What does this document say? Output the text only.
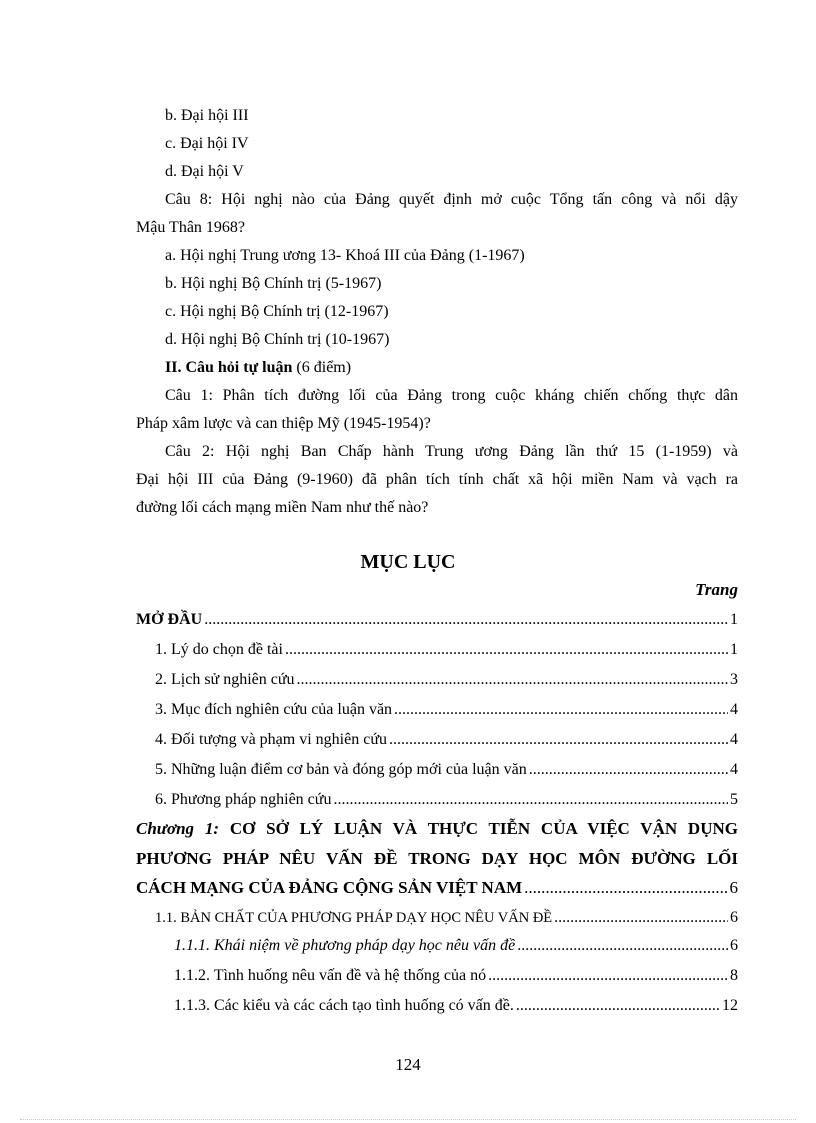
b. Đại hội III
c. Đại hội IV
d. Đại hội V
Câu 8: Hội nghị nào của Đảng quyết định mở cuộc Tổng tấn công và nổi dậy
Mậu Thân 1968?
a. Hội nghị Trung ương 13- Khoá III của Đảng (1-1967)
b. Hội nghị Bộ Chính trị (5-1967)
c. Hội nghị Bộ Chính trị (12-1967)
d. Hội nghị Bộ Chính trị (10-1967)
II. Câu hỏi tự luận (6 điểm)
Câu 1: Phân tích đường lối của Đảng trong cuộc kháng chiến chống thực dân
Pháp xâm lược và can thiệp Mỹ (1945-1954)?
Câu 2: Hội nghị Ban Chấp hành Trung ương Đảng lần thứ 15 (1-1959) và
Đại hội III của Đảng (9-1960) đã phân tích tính chất xã hội miền Nam và vạch ra
đường lối cách mạng miền Nam như thế nào?
MỤC LỤC
Trang
MỞ ĐẦU .....	1
1. Lý do chọn đề tài .....	1
2. Lịch sử nghiên cứu .....	3
3. Mục đích nghiên cứu của luận văn .....	4
4. Đối tượng và phạm vi nghiên cứu .....	4
5. Những luận điểm cơ bản và đóng góp mới của luận văn .....	4
6. Phương pháp nghiên cứu .....	5
Chương 1: CƠ SỞ LÝ LUẬN VÀ THỰC TIỄN CỦA VIỆC VẬN DỤNG
PHƯƠNG PHÁP NÊU VẤN ĐỀ TRONG DẠY HỌC MÔN ĐƯỜNG LỐI
CÁCH MẠNG CỦA ĐẢNG CỘNG SẢN VIỆT NAM .....	6
1.1. BẢN CHẤT CỦA PHƯƠNG PHÁP DẠY HỌC NÊU VẤN ĐỀ .....	6
1.1.1. Khái niệm về phương pháp dạy học nêu vấn đề .....	6
1.1.2. Tình huống nêu vấn đề và hệ thống của nó .....	8
1.1.3. Các kiểu và các cách tạo tình huống có vấn đề. .....	12
124
